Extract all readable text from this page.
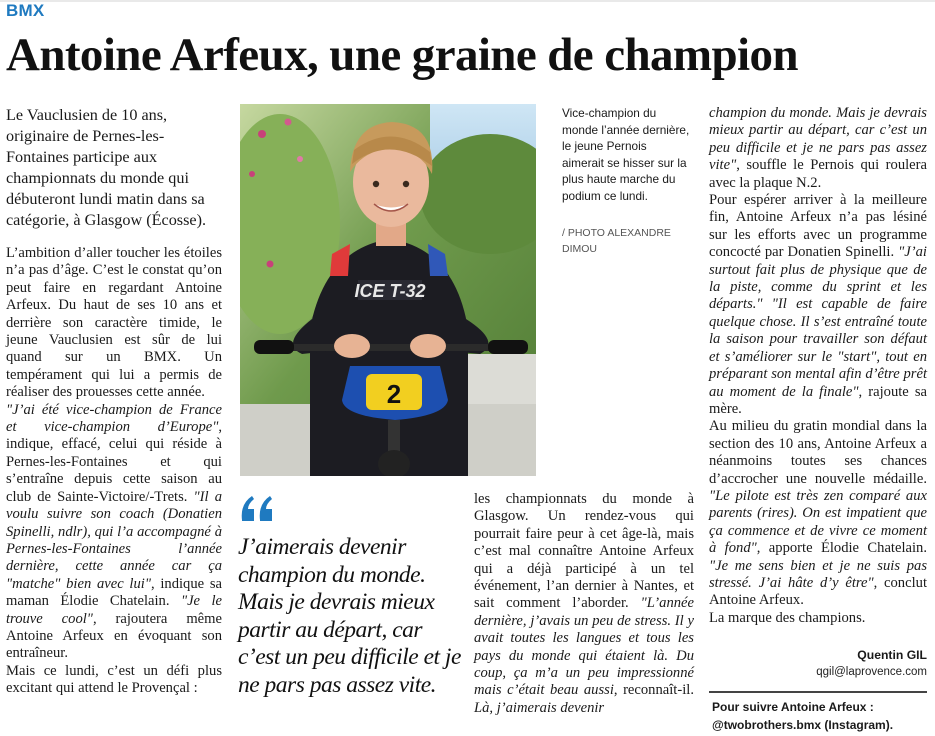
BMX
Antoine Arfeux, une graine de champion

Le Vauclusien de 10 ans, originaire de Pernes-les-Fontaines participe aux championnats du monde qui débuteront lundi matin dans sa catégorie, à Glasgow (Écosse).

L’ambition d’aller toucher les étoiles n’a pas d’âge. C’est le constat qu’on peut faire en regardant Antoine Arfeux. Du haut de ses 10 ans et derrière son caractère timide, le jeune Vauclusien est sûr de lui quand sur un BMX. Un tempérament qui lui a permis de réaliser des prouesses cette année.

"J’ai été vice-champion de France et vice-champion d’Europe", indique, effacé, celui qui réside à Pernes-les-Fontaines et qui s’entraîne depuis cette saison au club de Sainte-Victoire/-Trets. "Il a voulu suivre son coach (Donatien Spinelli, ndlr), qui l’a accompagné à Pernes-les-Fontaines l’année dernière, cette année car ça "matche" bien avec lui", indique sa maman Élodie Chatelain. "Je le trouve cool", rajoutera même Antoine Arfeux en évoquant son entraîneur.

Mais ce lundi, c’est un défi plus excitant qui attend le Provençal :

ICE T-32
2
Vice-champion du monde l’année dernière, le jeune Pernois aimerait se hisser sur la plus haute marche du podium ce lundi.
/ PHOTO ALEXANDRE DIMOU
J’aimerais devenir champion du monde. Mais je devrais mieux partir au départ, car c’est un peu difficile et je ne pars pas assez vite.

les championnats du monde à Glasgow. Un rendez-vous qui pourrait faire peur à cet âge-là, mais c’est mal connaître Antoine Arfeux qui a déjà participé à un tel événement, l’an dernier à Nantes, et sait comment l’aborder. "L’année dernière, j’avais un peu de stress. Il y avait toutes les langues et tous les pays du monde qui étaient là. Du coup, ça m’a un peu impressionné mais c’était beau aussi, reconnaît-il. Là, j’aimerais devenir

champion du monde. Mais je devrais mieux partir au départ, car c’est un peu difficile et je ne pars pas assez vite", souffle le Pernois qui roulera avec la plaque N.2.

Pour espérer arriver à la meilleure fin, Antoine Arfeux n’a pas lésiné sur les efforts avec un programme concocté par Donatien Spinelli. "J’ai surtout fait plus de physique que de la piste, comme du sprint et les départs." "Il est capable de faire quelque chose. Il s’est entraîné toute la saison pour travailler son défaut et s’améliorer sur le "start", tout en préparant son mental afin d’être prêt au moment de la finale", rajoute sa mère.

Au milieu du gratin mondial dans la section des 10 ans, Antoine Arfeux a néanmoins toutes ses chances d’accrocher une nouvelle médaille. "Le pilote est très zen comparé aux parents (rires). On est impatient que ça commence et de vivre ce moment à fond", apporte Élodie Chatelain. "Je me sens bien et je ne suis pas stressé. J’ai hâte d’y être", conclut Antoine Arfeux.

La marque des champions.

Quentin GIL
qgil@laprovence.com
Pour suivre Antoine Arfeux :
@twobrothers.bmx (Instagram).
